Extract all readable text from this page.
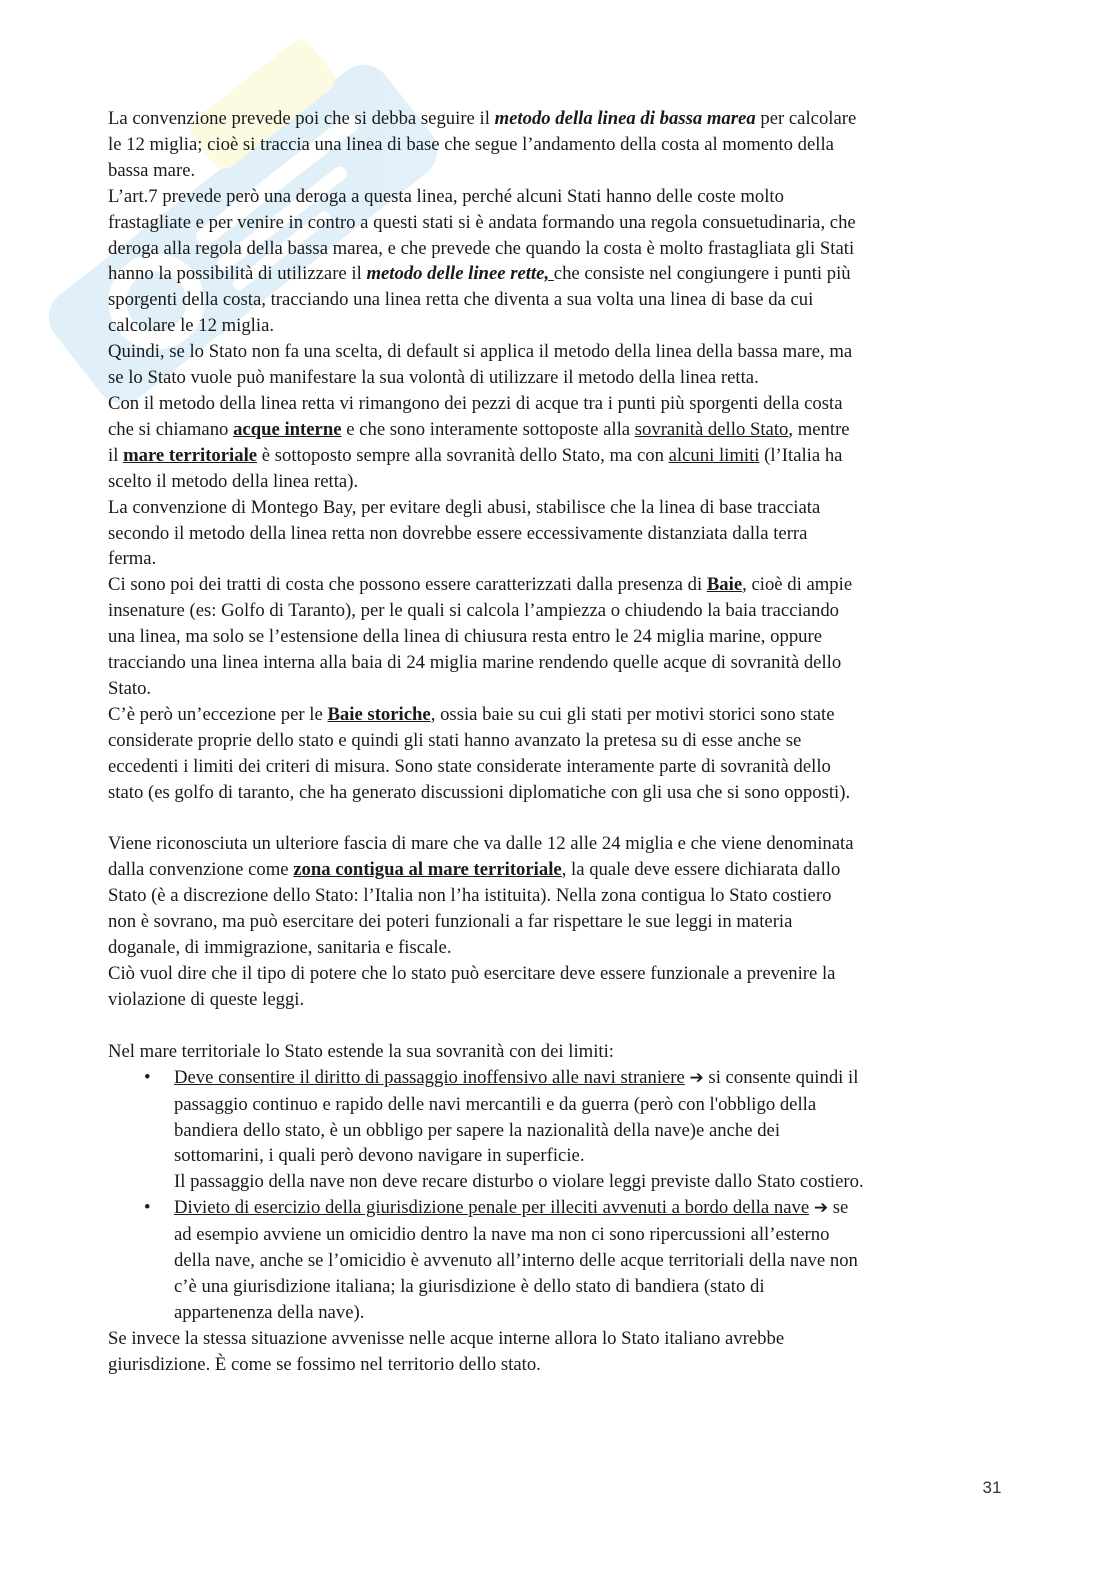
La convenzione prevede poi che si debba seguire il metodo della linea di bassa marea per calcolare
le 12 miglia; cioè si traccia una linea di base che segue l’andamento della costa al momento della
bassa mare.

L’art.7 prevede però una deroga a questa linea, perché alcuni Stati hanno delle coste molto
frastagliate e per venire in contro a questi stati si è andata formando una regola consuetudinaria, che
deroga alla regola della bassa marea, e che prevede che quando la costa è molto frastagliata gli Stati
hanno la possibilità di utilizzare il metodo delle linee rette, che consiste nel congiungere i punti più
sporgenti della costa, tracciando una linea retta che diventa a sua volta una linea di base da cui
calcolare le 12 miglia.

Quindi, se lo Stato non fa una scelta, di default si applica il metodo della linea della bassa mare, ma
se lo Stato vuole può manifestare la sua volontà di utilizzare il metodo della linea retta.

Con il metodo della linea retta vi rimangono dei pezzi di acque tra i punti più sporgenti della costa
che si chiamano acque interne e che sono interamente sottoposte alla sovranità dello Stato, mentre
il mare territoriale è sottoposto sempre alla sovranità dello Stato, ma con alcuni limiti (l’Italia ha
scelto il metodo della linea retta).

La convenzione di Montego Bay, per evitare degli abusi, stabilisce che la linea di base tracciata
secondo il metodo della linea retta non dovrebbe essere eccessivamente distanziata dalla terra
ferma.

Ci sono poi dei tratti di costa che possono essere caratterizzati dalla presenza di Baie, cioè di ampie
insenature (es: Golfo di Taranto), per le quali si calcola l’ampiezza o chiudendo la baia tracciando
una linea, ma solo se l’estensione della linea di chiusura resta entro le 24 miglia marine, oppure
tracciando una linea interna alla baia di 24 miglia marine rendendo quelle acque di sovranità dello
Stato.

C’è però un’eccezione per le Baie storiche, ossia baie su cui gli stati per motivi storici sono state
considerate proprie dello stato e quindi gli stati hanno avanzato la pretesa su di esse anche se
eccedenti i limiti dei criteri di misura. Sono state considerate interamente parte di sovranità dello
stato (es golfo di taranto, che ha generato discussioni diplomatiche con gli usa che si sono opposti).

Viene riconosciuta un ulteriore fascia di mare che va dalle 12 alle 24 miglia e che viene denominata
dalla convenzione come zona contigua al mare territoriale, la quale deve essere dichiarata dallo
Stato (è a discrezione dello Stato: l’Italia non l’ha istituita). Nella zona contigua lo Stato costiero
non è sovrano, ma può esercitare dei poteri funzionali a far rispettare le sue leggi in materia
doganale, di immigrazione, sanitaria e fiscale.

Ciò vuol dire che il tipo di potere che lo stato può esercitare deve essere funzionale a prevenire la
violazione di queste leggi.

Nel mare territoriale lo Stato estende la sua sovranità con dei limiti:

• Deve consentire il diritto di passaggio inoffensivo alle navi straniere ➔ si consente quindi il
passaggio continuo e rapido delle navi mercantili e da guerra (però con l'obbligo della
bandiera dello stato, è un obbligo per sapere la nazionalità della nave)e anche dei
sottomarini, i quali però devono navigare in superficie.
Il passaggio della nave non deve recare disturbo o violare leggi previste dallo Stato costiero.
• Divieto di esercizio della giurisdizione penale per illeciti avvenuti a bordo della nave ➔ se
ad esempio avviene un omicidio dentro la nave ma non ci sono ripercussioni all’esterno
della nave, anche se l’omicidio è avvenuto all’interno delle acque territoriali della nave non
c’è una giurisdizione italiana; la giurisdizione è dello stato di bandiera (stato di
appartenenza della nave).

Se invece la stessa situazione avvenisse nelle acque interne allora lo Stato italiano avrebbe
giurisdizione. È come se fossimo nel territorio dello stato.

31
